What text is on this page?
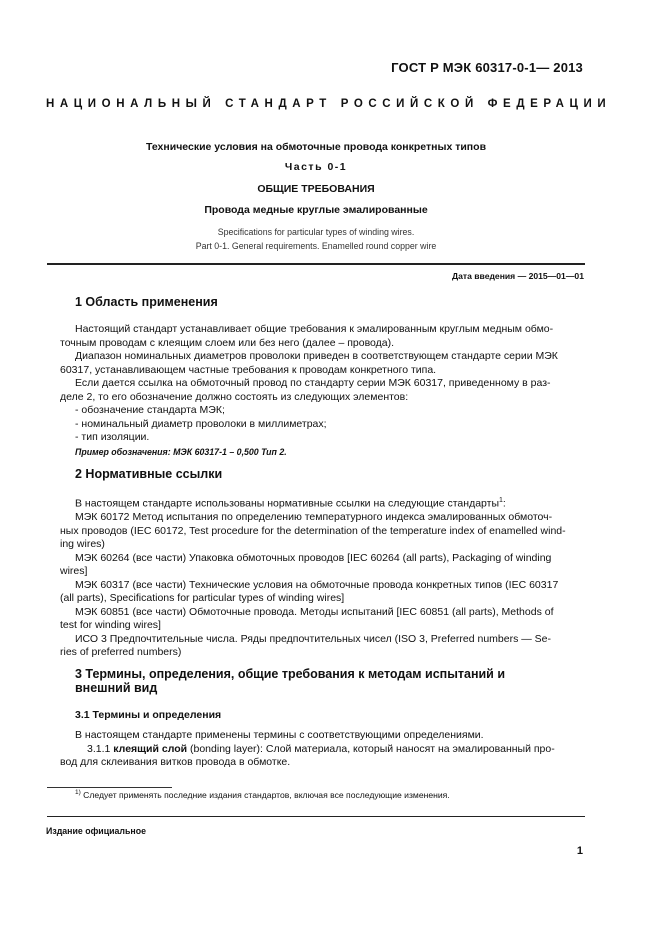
ГОСТ Р МЭК 60317-0-1— 2013
НАЦИОНАЛЬНЫЙ СТАНДАРТ РОССИЙСКОЙ ФЕДЕРАЦИИ
Технические условия на обмоточные провода конкретных типов
Часть 0-1
ОБЩИЕ ТРЕБОВАНИЯ
Провода медные круглые эмалированные
Specifications for particular types of winding wires.
Part 0-1. General requirements. Enamelled round copper wire
Дата введения — 2015—01—01
1 Область применения
Настоящий стандарт устанавливает общие требования к эмалированным круглым медным обмо-
точным проводам с клеящим слоем или без него (далее – провода).
Диапазон номинальных диаметров проволоки приведен в соответствующем стандарте серии МЭК
60317, устанавливающем частные требования к проводам конкретного типа.
Если дается ссылка на обмоточный провод по стандарту серии МЭК 60317, приведенному в раз-
деле 2, то его обозначение должно состоять из следующих элементов:
- обозначение стандарта МЭК;
- номинальный диаметр проволоки в миллиметрах;
- тип изоляции.
Пример обозначения: МЭК 60317-1 – 0,500 Тип 2.
2 Нормативные ссылки
В настоящем стандарте использованы нормативные ссылки на следующие стандарты$^1$:
МЭК 60172 Метод испытания по определению температурного индекса эмалированных обмоточ-
ных проводов (IEC 60172, Test procedure for the determination of the temperature index of enamelled wind-
ing wires)
МЭК 60264 (все части) Упаковка обмоточных проводов [IEC 60264 (all parts), Packaging of winding
wires]
МЭК 60317 (все части) Технические условия на обмоточные провода конкретных типов (IEC 60317
(all parts), Specifications for particular types of winding wires]
МЭК 60851 (все части) Обмоточные провода. Методы испытаний [IEC 60851 (all parts), Methods of
test for winding wires]
ИСО 3 Предпочтительные числа. Ряды предпочтительных чисел (ISO 3, Preferred numbers — Se-
ries of preferred numbers)
3 Термины, определения, общие требования к методам испытаний и
внешний вид
3.1 Термины и определения
В настоящем стандарте применены термины с соответствующими определениями.
3.1.1 клеящий слой (bonding layer): Слой материала, который наносят на эмалированный про-
вод для склеивания витков провода в обмотке.
$^{1)}$ Следует применять последние издания стандартов, включая все последующие изменения.
Издание официальное
1
